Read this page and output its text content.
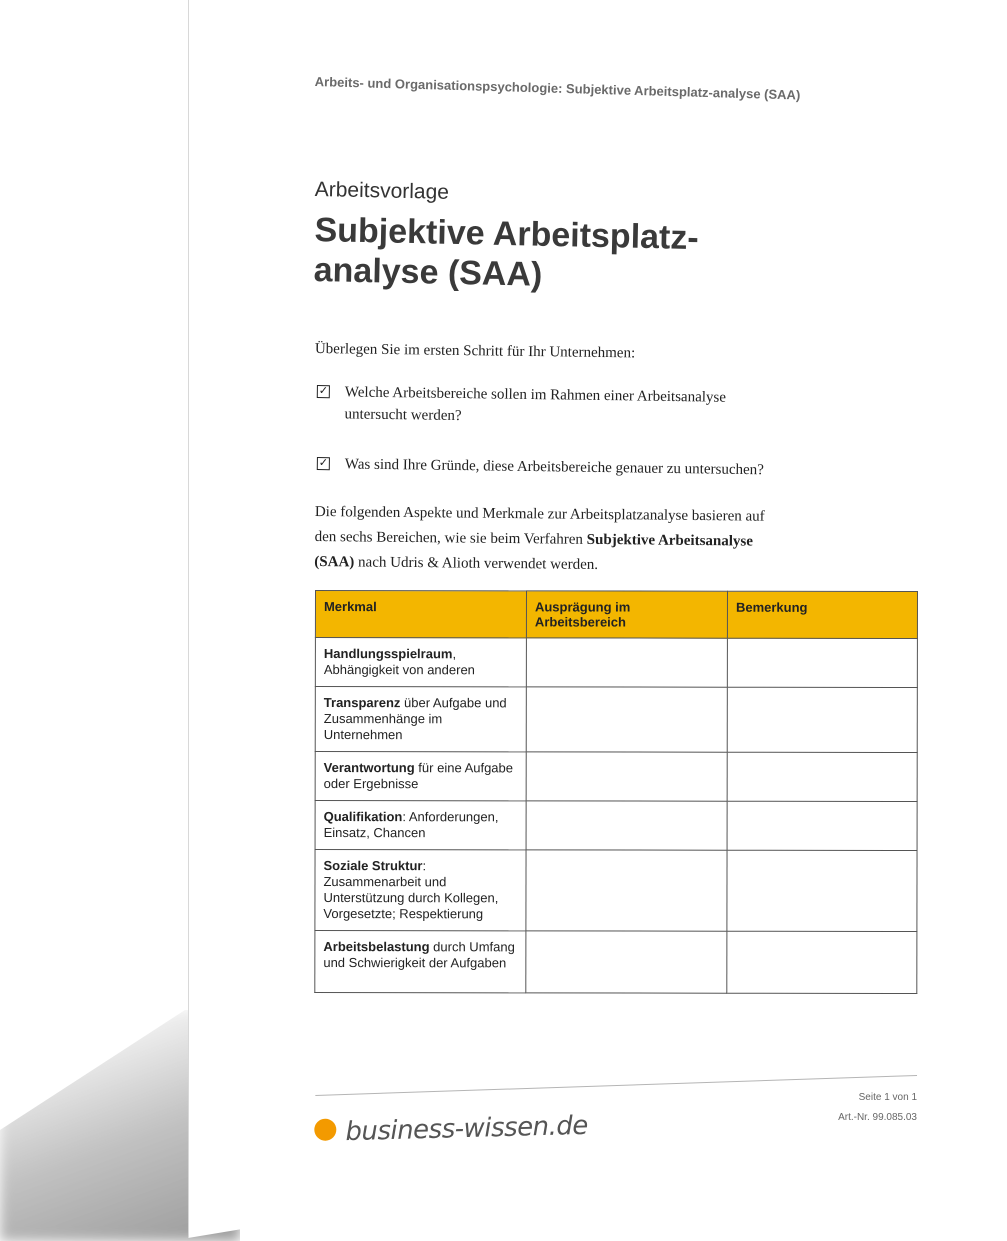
Arbeits- und Organisationspsychologie: Subjektive Arbeitsplatz-analyse (SAA)
Arbeitsvorlage
Subjektive Arbeitsplatz-
analyse (SAA)
Überlegen Sie im ersten Schritt für Ihr Unternehmen:
✓ Welche Arbeitsbereiche sollen im Rahmen einer Arbeitsanalyse untersucht werden?
✓ Was sind Ihre Gründe, diese Arbeitsbereiche genauer zu untersuchen?
Die folgenden Aspekte und Merkmale zur Arbeitsplatzanalyse basieren auf den sechs Bereichen, wie sie beim Verfahren Subjektive Arbeitsanalyse (SAA) nach Udris & Alioth verwendet werden.
Merkmal	Ausprägung im Arbeitsbereich	Bemerkung
Handlungsspielraum, Abhängigkeit von anderen		
Transparenz über Aufgabe und Zusammenhänge im Unternehmen		
Verantwortung für eine Aufgabe oder Ergebnisse		
Qualifikation: Anforderungen, Einsatz, Chancen		
Soziale Struktur: Zusammenarbeit und Unterstützung durch Kollegen, Vorgesetzte; Respektierung		
Arbeitsbelastung durch Umfang und Schwierigkeit der Aufgaben		
Seite 1 von 1
Art.-Nr. 99.085.03
business-wissen.de
